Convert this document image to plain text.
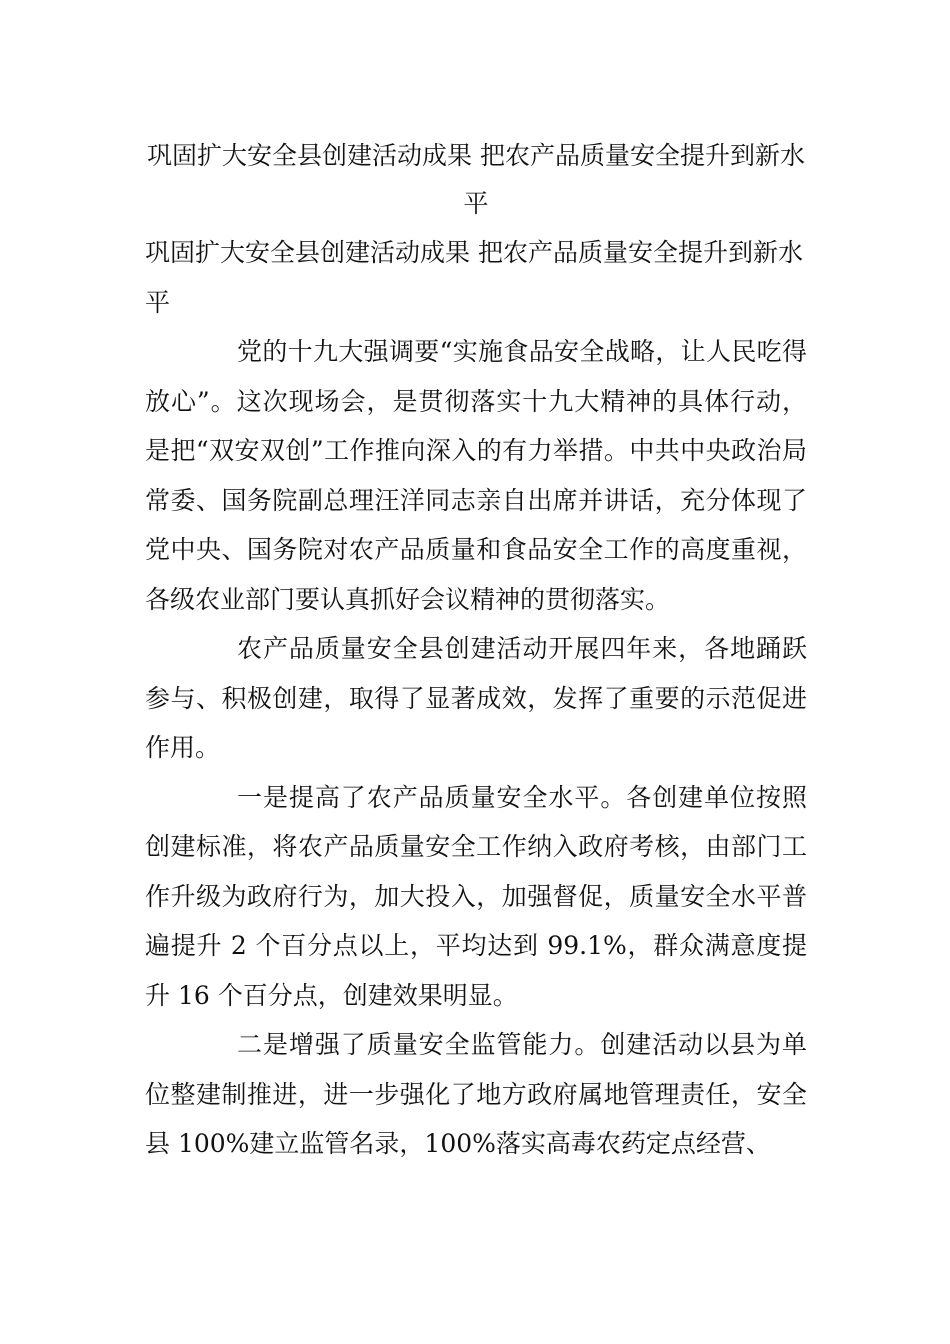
巩固扩大安全县创建活动成果 把农产品质量安全提升到新水平

巩固扩大安全县创建活动成果 把农产品质量安全提升到新水平

党的十九大强调要“实施食品安全战略，让人民吃得放心”。这次现场会，是贯彻落实十九大精神的具体行动，是把“双安双创”工作推向深入的有力举措。中共中央政治局常委、国务院副总理汪洋同志亲自出席并讲话，充分体现了党中央、国务院对农产品质量和食品安全工作的高度重视，各级农业部门要认真抓好会议精神的贯彻落实。

农产品质量安全县创建活动开展四年来，各地踊跃参与、积极创建，取得了显著成效，发挥了重要的示范促进作用。

一是提高了农产品质量安全水平。各创建单位按照创建标准，将农产品质量安全工作纳入政府考核，由部门工作升级为政府行为，加大投入，加强督促，质量安全水平普遍提升 2 个百分点以上，平均达到 99.1%，群众满意度提升 16 个百分点，创建效果明显。

二是增强了质量安全监管能力。创建活动以县为单位整建制推进，进一步强化了地方政府属地管理责任，安全县 100%建立监管名录，100%落实高毒农药定点经营、
